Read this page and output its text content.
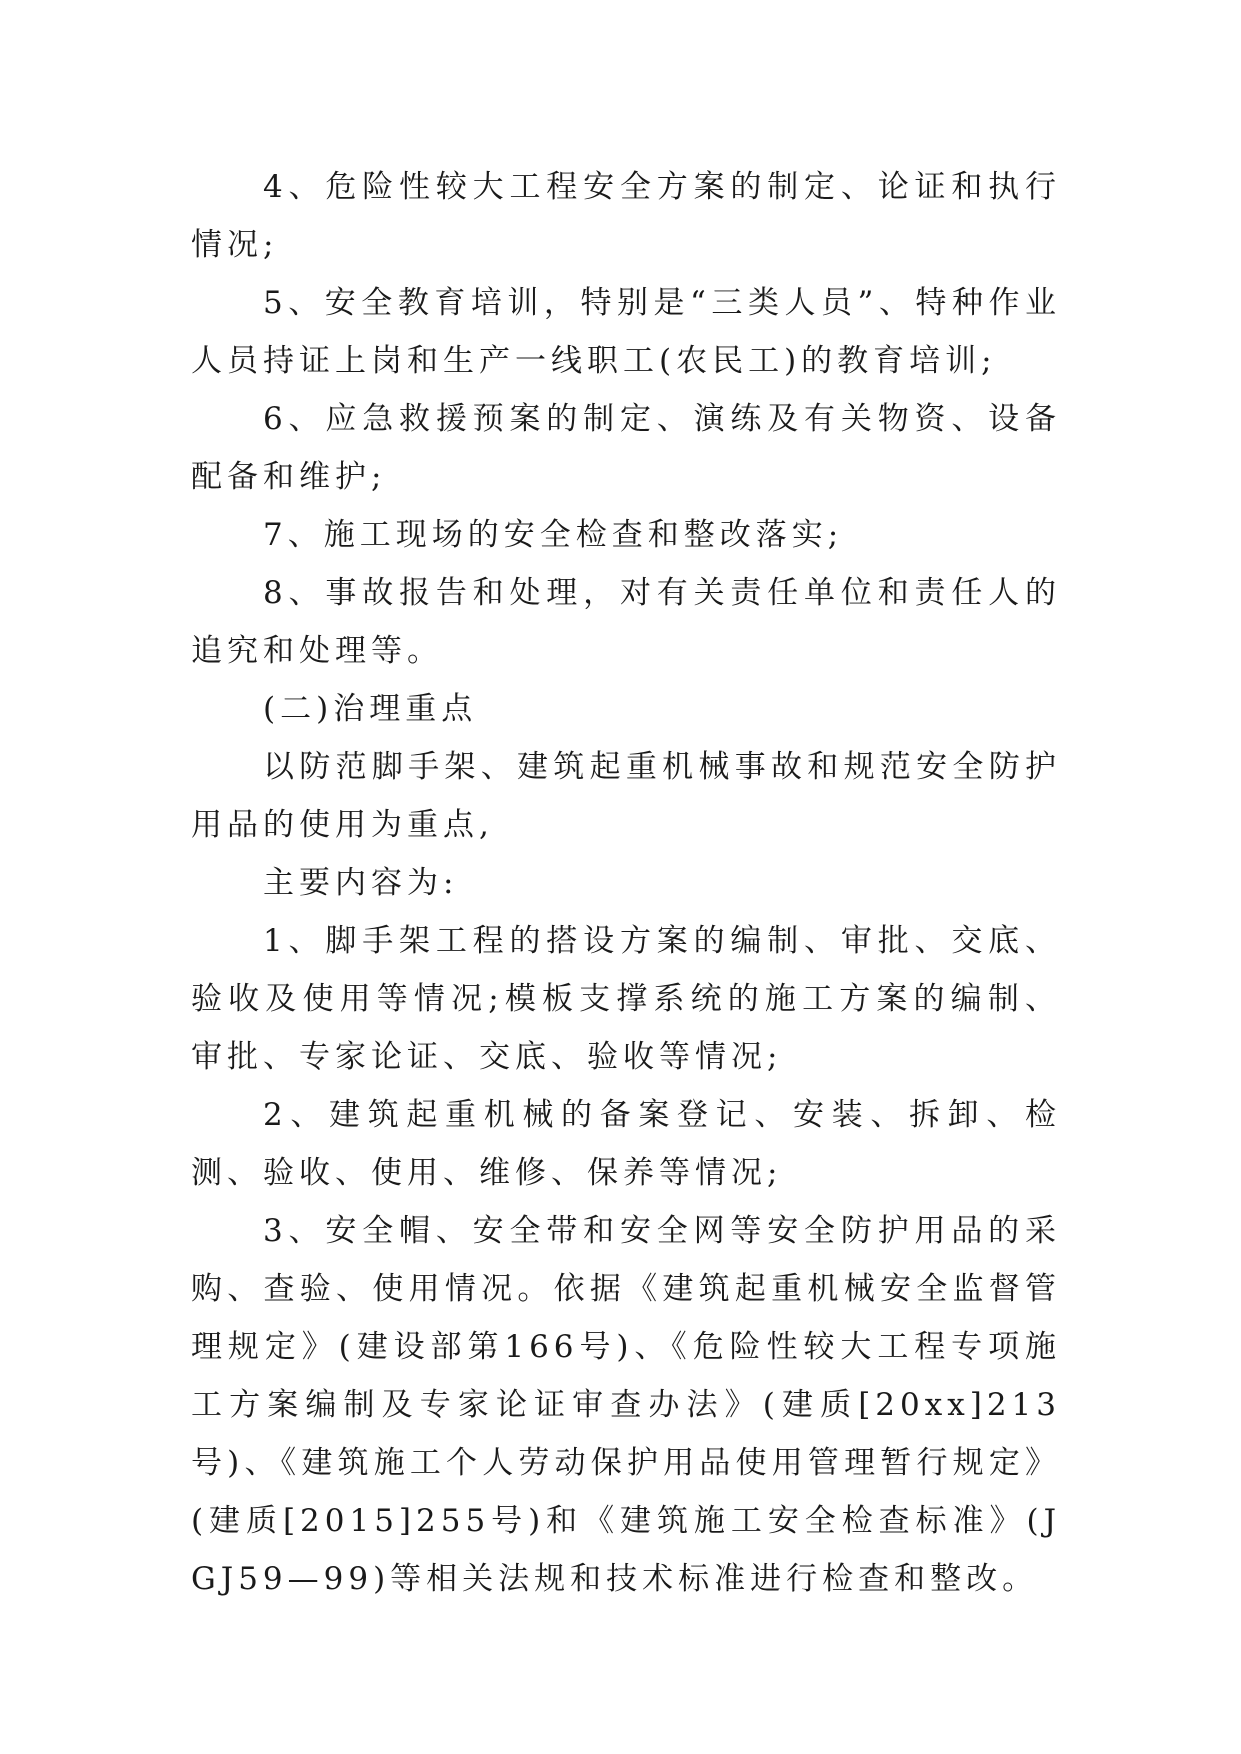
4、危险性较大工程安全方案的制定、论证和执行情况;

5、安全教育培训，特别是“三类人员”、特种作业人员持证上岗和生产一线职工(农民工)的教育培训;

6、应急救援预案的制定、演练及有关物资、设备配备和维护;

7、施工现场的安全检查和整改落实;

8、事故报告和处理，对有关责任单位和责任人的追究和处理等。

(二)治理重点

以防范脚手架、建筑起重机械事故和规范安全防护用品的使用为重点,

主要内容为:

1、脚手架工程的搭设方案的编制、审批、交底、验收及使用等情况;模板支撑系统的施工方案的编制、审批、专家论证、交底、验收等情况;

2、建筑起重机械的备案登记、安装、拆卸、检测、验收、使用、维修、保养等情况;

3、安全帽、安全带和安全网等安全防护用品的采购、查验、使用情况。依据《建筑起重机械安全监督管理规定》(建设部第166号)、《危险性较大工程专项施工方案编制及专家论证审查办法》(建质[20xx]213号)、《建筑施工个人劳动保护用品使用管理暂行规定》(建质[2015]255号)和《建筑施工安全检查标准》(JGJ59—99)等相关法规和技术标准进行检查和整改。
